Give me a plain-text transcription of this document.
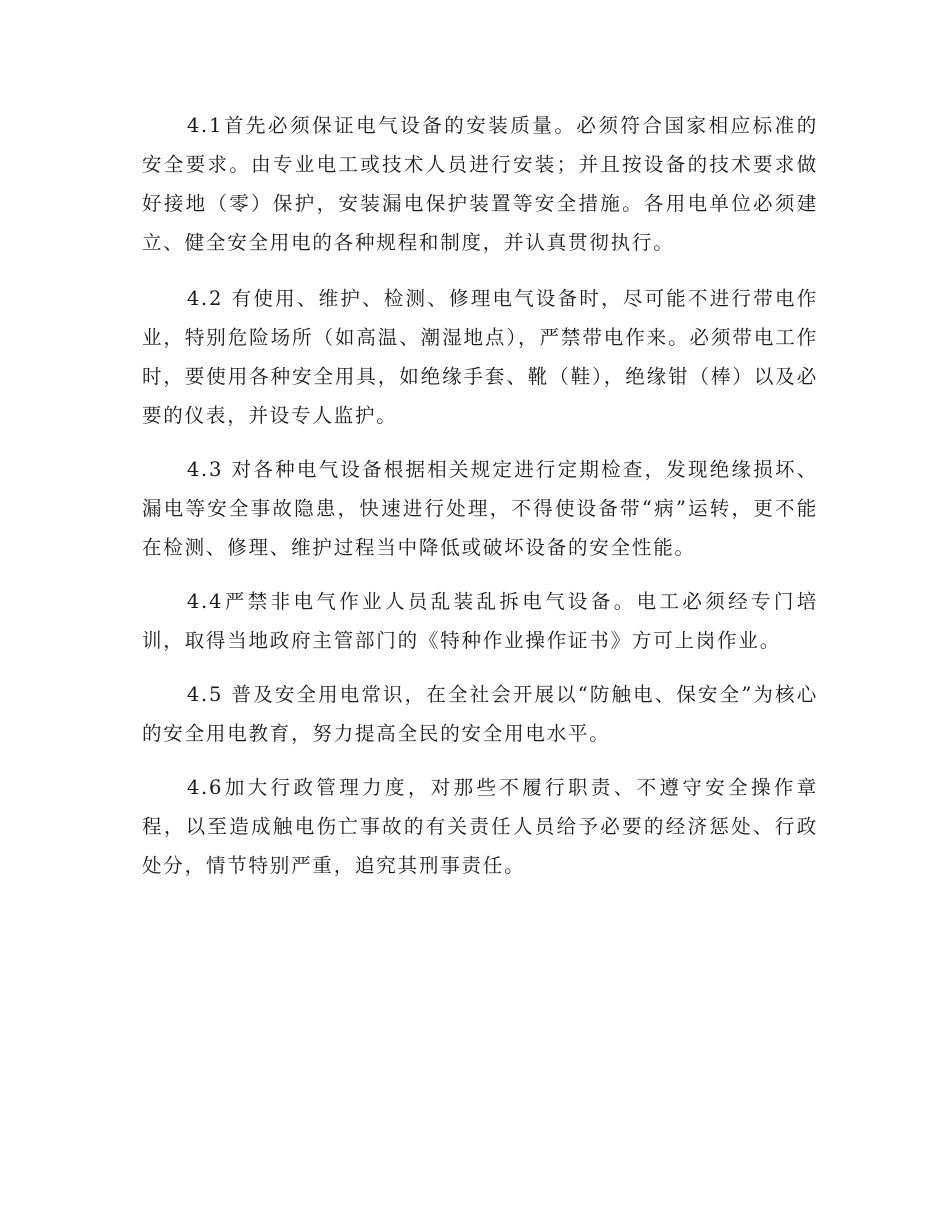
4.1首先必须保证电气设备的安装质量。必须符合国家相应标准的安全要求。由专业电工或技术人员进行安装；并且按设备的技术要求做好接地（零）保护，安装漏电保护装置等安全措施。各用电单位必须建立、健全安全用电的各种规程和制度，并认真贯彻执行。

4.2 有使用、维护、检测、修理电气设备时，尽可能不进行带电作业，特别危险场所（如高温、潮湿地点），严禁带电作来。必须带电工作时，要使用各种安全用具，如绝缘手套、靴（鞋），绝缘钳（棒）以及必要的仪表，并设专人监护。

4.3 对各种电气设备根据相关规定进行定期检查，发现绝缘损坏、漏电等安全事故隐患，快速进行处理，不得使设备带“病”运转，更不能在检测、修理、维护过程当中降低或破坏设备的安全性能。

4.4严禁非电气作业人员乱装乱拆电气设备。电工必须经专门培训，取得当地政府主管部门的《特种作业操作证书》方可上岗作业。

4.5 普及安全用电常识，在全社会开展以“防触电、保安全”为核心的安全用电教育，努力提高全民的安全用电水平。

4.6加大行政管理力度，对那些不履行职责、不遵守安全操作章程，以至造成触电伤亡事故的有关责任人员给予必要的经济惩处、行政处分，情节特别严重，追究其刑事责任。
